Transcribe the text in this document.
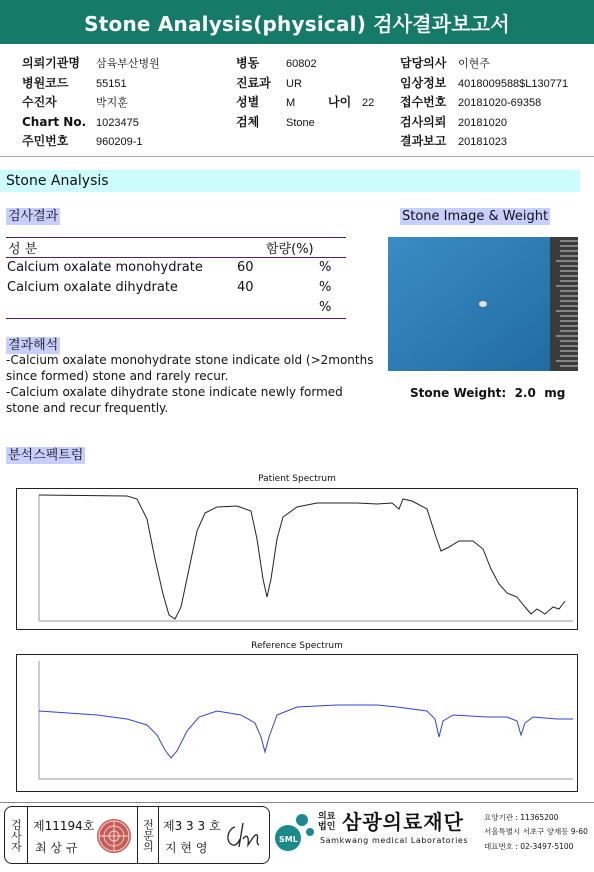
Stone Analysis(physical) 검사결과보고서
의뢰기관명 삼육부산병원
병원코드	55151
수진자	박지훈
Chart No. 1023475
주민번호	960209-1
병동 60802
진료과 UR
성별 M	나이 22
검체 Stone
담당의사 이현주
임상정보 4018009588$L130771
접수번호 20181020-69358
검사의뢰 20181020
결과보고 20181023
Stone Analysis
검사결과
성 분	함량(%)
Calcium oxalate monohydrate	60	%
Calcium oxalate dihydrate	40	%
%
Stone Image & Weight
Stone Weight: 2.0 mg
결과해석
-Calcium oxalate monohydrate stone indicate old (>2months since formed) stone and rarely recur.
-Calcium oxalate dihydrate stone indicate newly formed stone and recur frequently.
분석스펙트럼
Patient Spectrum
Reference Spectrum
검사자 제11194호
최 상 규	전문의 제3 3 3 호
지 현 영
SML
의료
법인 삼광의료재단
Samkwang medical Laboratories
요양기관 : 11365200
서울특별시 서초구 양재동 9-60
대표번호 : 02-3497-5100
